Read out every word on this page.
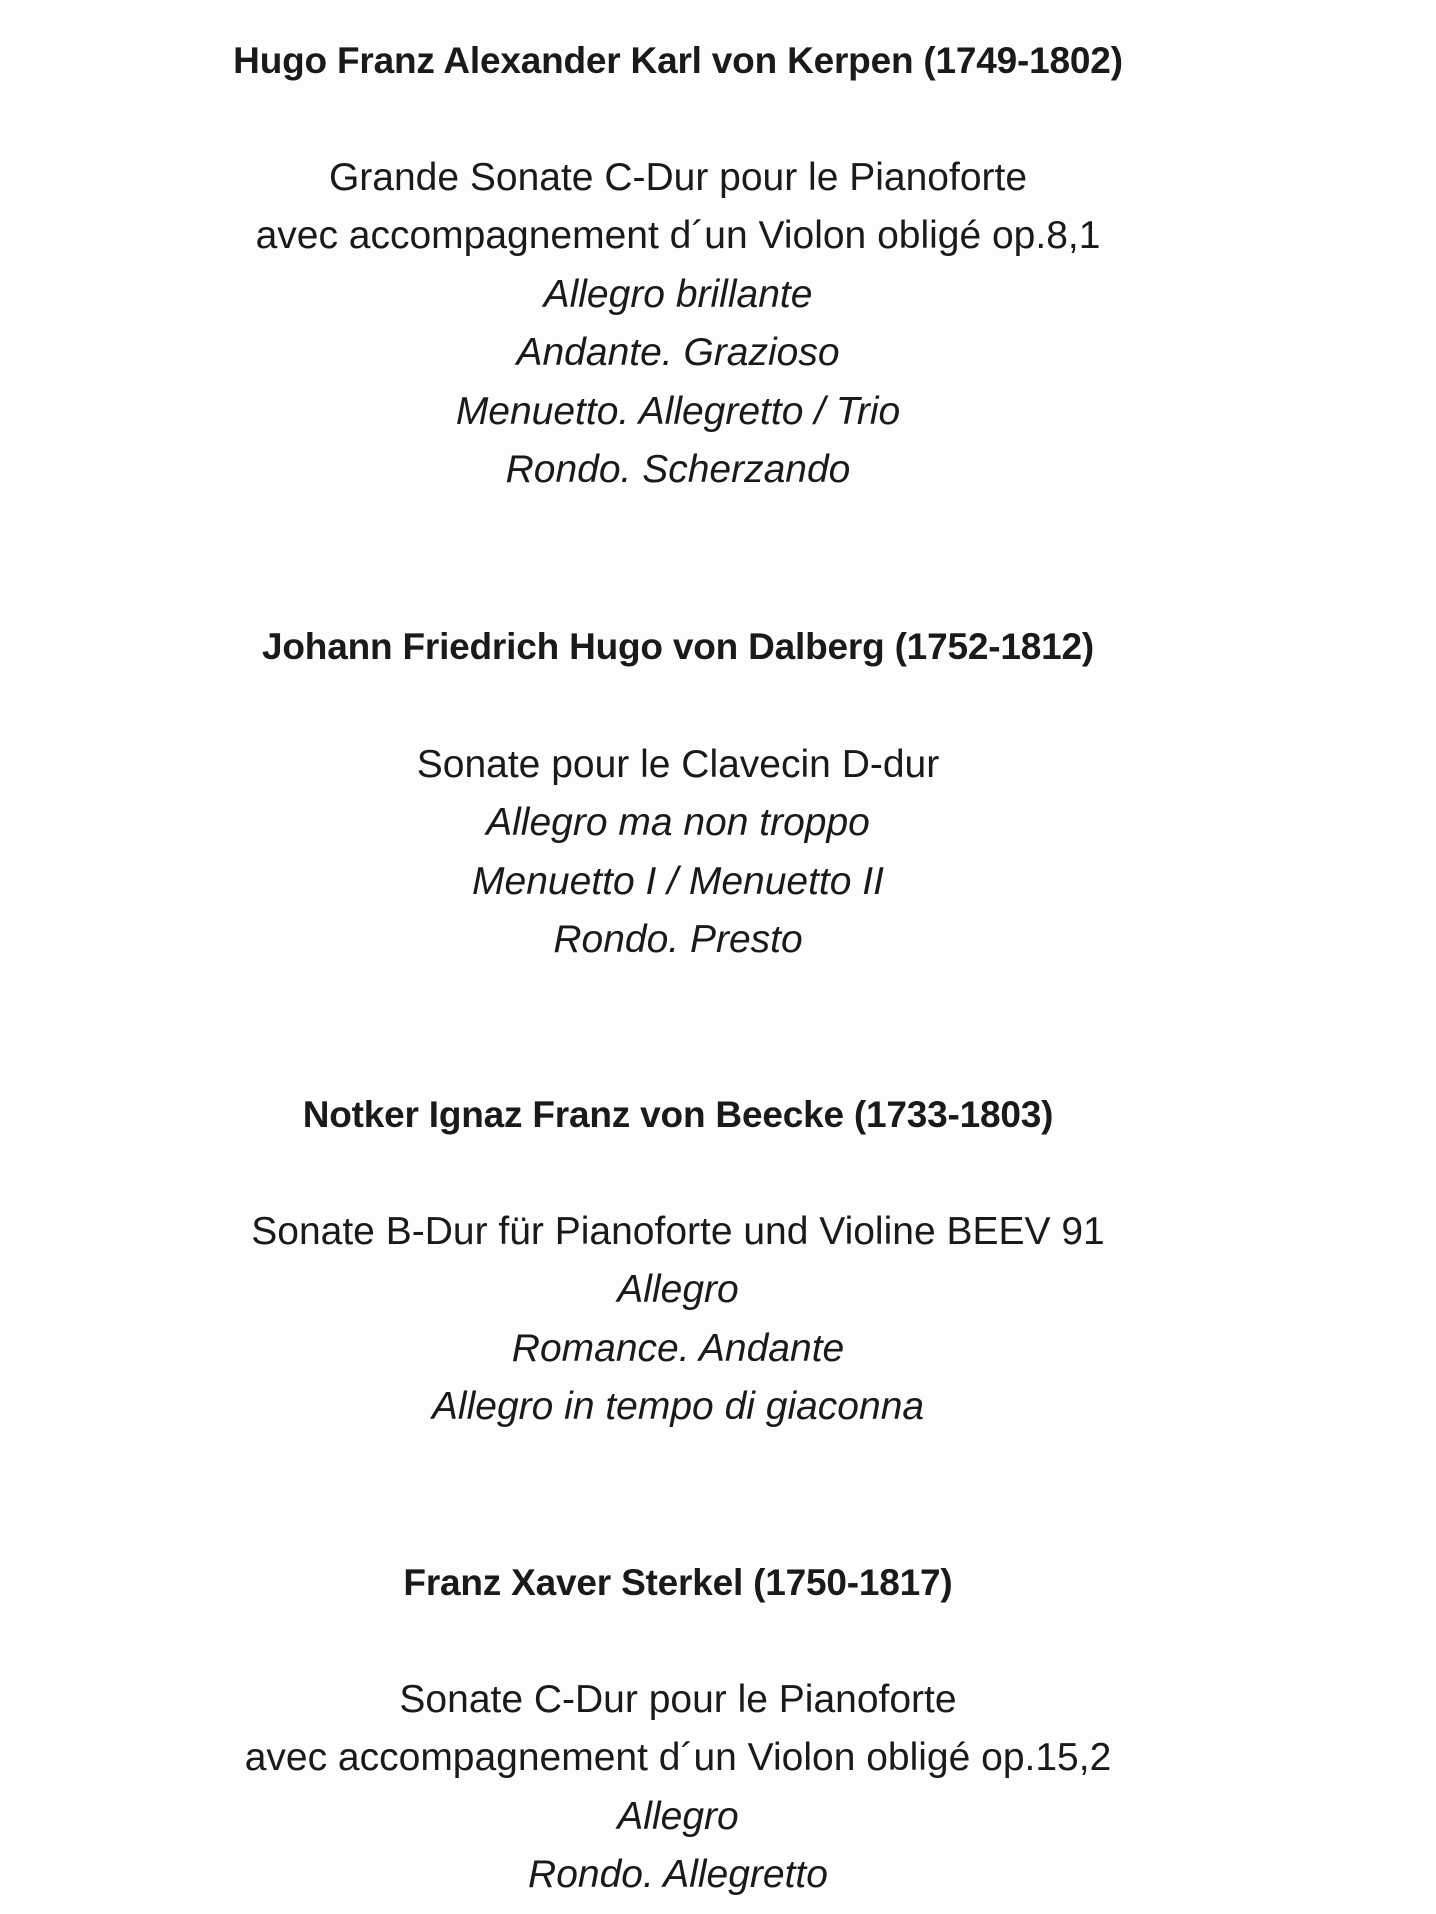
Hugo Franz Alexander Karl von Kerpen (1749-1802)
Grande Sonate C-Dur pour le Pianoforte
avec accompagnement d´un Violon obligé op.8,1
Allegro brillante
Andante. Grazioso
Menuetto. Allegretto / Trio
Rondo. Scherzando
Johann Friedrich Hugo von Dalberg (1752-1812)
Sonate pour le Clavecin D-dur
Allegro ma non troppo
Menuetto I / Menuetto II
Rondo. Presto
Notker Ignaz Franz von Beecke (1733-1803)
Sonate B-Dur für Pianoforte und Violine BEEV 91
Allegro
Romance. Andante
Allegro in tempo di giaconna
Franz Xaver Sterkel (1750-1817)
Sonate C-Dur pour le Pianoforte
avec accompagnement d´un Violon obligé op.15,2
Allegro
Rondo. Allegretto
